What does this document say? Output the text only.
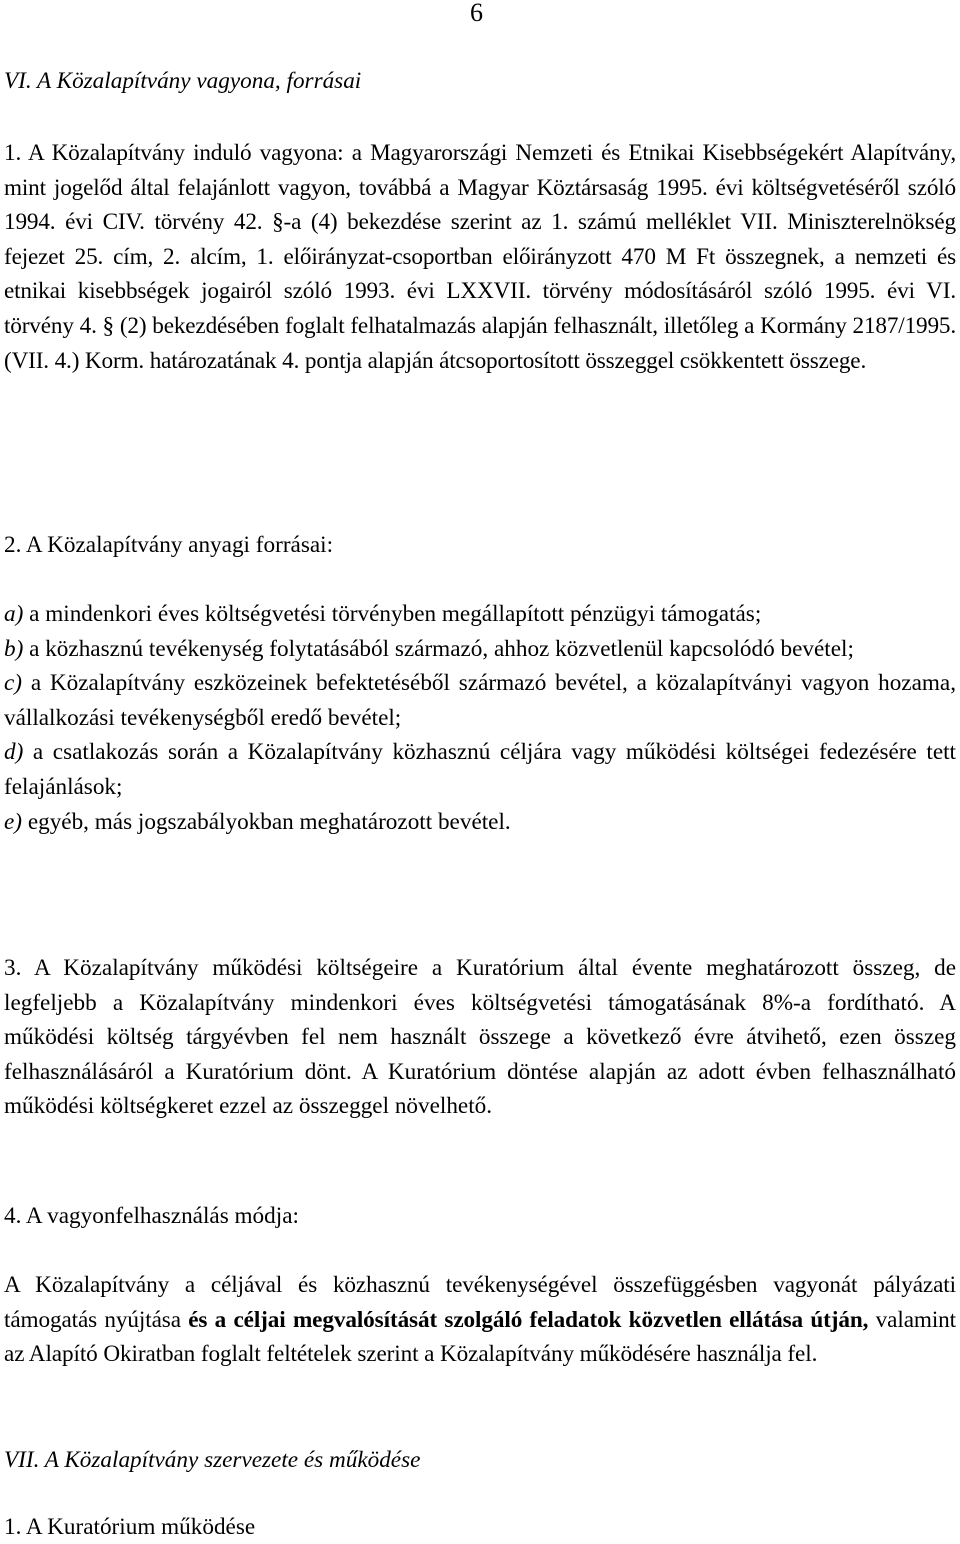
6
VI. A Közalapítvány vagyona, forrásai
1. A Közalapítvány induló vagyona: a Magyarországi Nemzeti és Etnikai Kisebbségekért Alapítvány, mint jogelőd által felajánlott vagyon, továbbá a Magyar Köztársaság 1995. évi költségvetéséről szóló 1994. évi CIV. törvény 42. §-a (4) bekezdése szerint az 1. számú melléklet VII. Miniszterelnökség fejezet 25. cím, 2. alcím, 1. előirányzat-csoportban előirányzott 470 M Ft összegnek, a nemzeti és etnikai kisebbségek jogairól szóló 1993. évi LXXVII. törvény módosításáról szóló 1995. évi VI. törvény 4. § (2) bekezdésében foglalt felhatalmazás alapján felhasznált, illetőleg a Kormány 2187/1995. (VII. 4.) Korm. határozatának 4. pontja alapján átcsoportosított összeggel csökkentett összege.
2. A Közalapítvány anyagi forrásai:

a) a mindenkori éves költségvetési törvényben megállapított pénzügyi támogatás;

b) a közhasznú tevékenység folytatásából származó, ahhoz közvetlenül kapcsolódó bevétel;

c) a Közalapítvány eszközeinek befektetéséből származó bevétel, a közalapítványi vagyon hozama, vállalkozási tevékenységből eredő bevétel;

d) a csatlakozás során a Közalapítvány közhasznú céljára vagy működési költségei fedezésére tett felajánlások;

e) egyéb, más jogszabályokban meghatározott bevétel.

3. A Közalapítvány működési költségeire a Kuratórium által évente meghatározott összeg, de legfeljebb a Közalapítvány mindenkori éves költségvetési támogatásának 8%-a fordítható. A működési költség tárgyévben fel nem használt összege a következő évre átvihető, ezen összeg felhasználásáról a Kuratórium dönt. A Kuratórium döntése alapján az adott évben felhasználható működési költségkeret ezzel az összeggel növelhető.
4. A vagyonfelhasználás módja:
A Közalapítvány a céljával és közhasznú tevékenységével összefüggésben vagyonát pályázati támogatás nyújtása és a céljai megvalósítását szolgáló feladatok közvetlen ellátása útján, valamint az Alapító Okiratban foglalt feltételek szerint a Közalapítvány működésére használja fel.
VII. A Közalapítvány szervezete és működése
1. A Kuratórium működése
